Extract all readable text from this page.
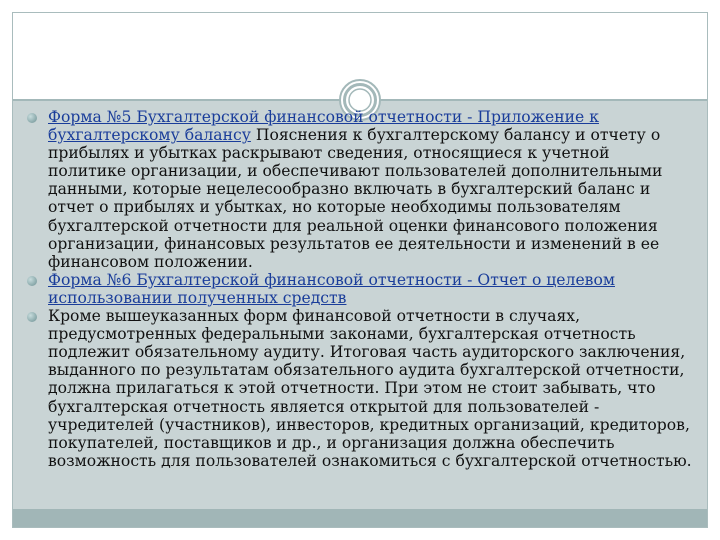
Форма №5 Бухгалтерской финансовой отчетности - Приложение к бухгалтерскому балансу Пояснения к бухгалтерскому балансу и отчету о прибылях и убытках раскрывают сведения, относящиеся к учетной политике организации, и обеспечивают пользователей дополнительными данными, которые нецелесообразно включать в бухгалтерский баланс и отчет о прибылях и убытках, но которые необходимы пользователям бухгалтерской отчетности для реальной оценки финансового положения организации, финансовых результатов ее деятельности и изменений в ее финансовом положении.

Форма №6 Бухгалтерской финансовой отчетности - Отчет о целевом использовании полученных средств

Кроме вышеуказанных форм финансовой отчетности в случаях, предусмотренных федеральными законами, бухгалтерская отчетность подлежит обязательному аудиту. Итоговая часть аудиторского заключения, выданного по результатам обязательного аудита бухгалтерской отчетности, должна прилагаться к этой отчетности. При этом не стоит забывать, что бухгалтерская отчетность является открытой для пользователей - учредителей (участников), инвесторов, кредитных организаций, кредиторов, покупателей, поставщиков и др., и организация должна обеспечить возможность для пользователей ознакомиться с бухгалтерской отчетностью.
